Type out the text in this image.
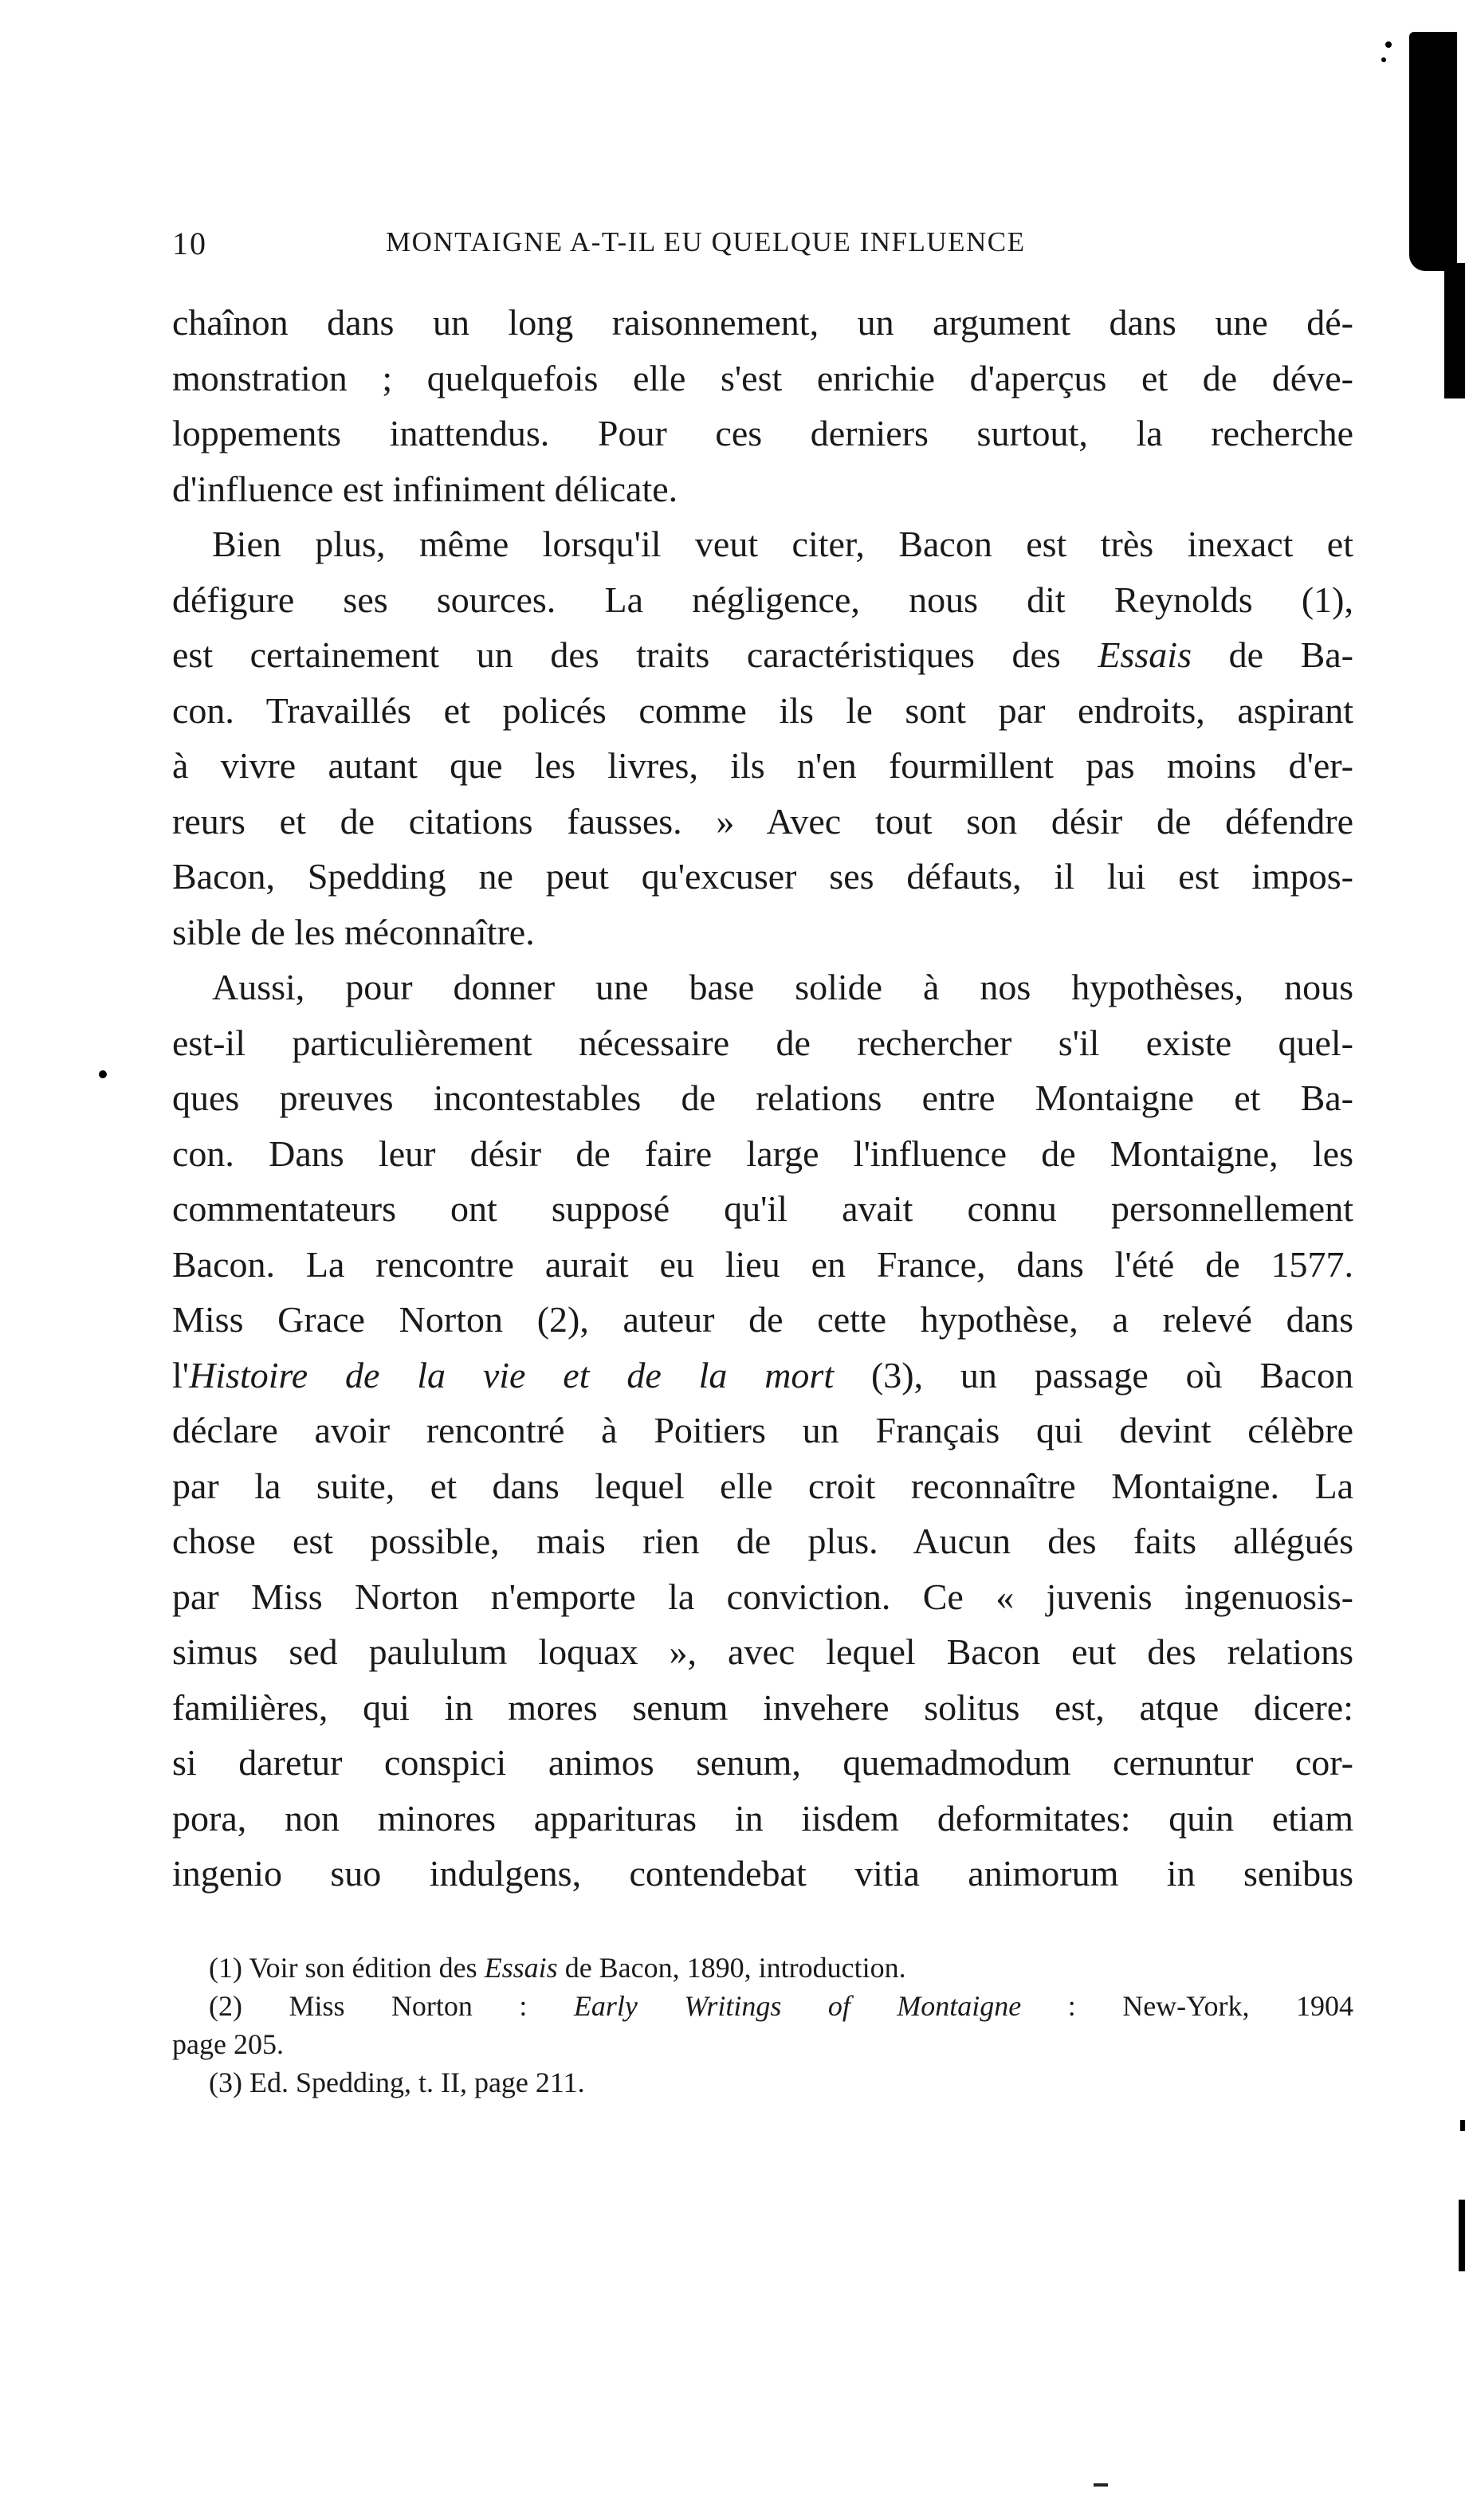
10	MONTAIGNE A-T-IL EU QUELQUE INFLUENCE
chaînon dans un long raisonnement, un argument dans une dé-
monstration ; quelquefois elle s'est enrichie d'aperçus et de déve-
loppements inattendus. Pour ces derniers surtout, la recherche
d'influence est infiniment délicate.
Bien plus, même lorsqu'il veut citer, Bacon est très inexact et
défigure ses sources. La négligence, nous dit Reynolds (1),
est certainement un des traits caractéristiques des Essais de Ba-
con. Travaillés et policés comme ils le sont par endroits, aspirant
à vivre autant que les livres, ils n'en fourmillent pas moins d'er-
reurs et de citations fausses. » Avec tout son désir de défendre
Bacon, Spedding ne peut qu'excuser ses défauts, il lui est impos-
sible de les méconnaître.
Aussi, pour donner une base solide à nos hypothèses, nous
est-il particulièrement nécessaire de rechercher s'il existe quel-
ques preuves incontestables de relations entre Montaigne et Ba-
con. Dans leur désir de faire large l'influence de Montaigne, les
commentateurs ont supposé qu'il avait connu personnellement
Bacon. La rencontre aurait eu lieu en France, dans l'été de 1577.
Miss Grace Norton (2), auteur de cette hypothèse, a relevé dans
l'Histoire de la vie et de la mort (3), un passage où Bacon
déclare avoir rencontré à Poitiers un Français qui devint célèbre
par la suite, et dans lequel elle croit reconnaître Montaigne. La
chose est possible, mais rien de plus. Aucun des faits allégués
par Miss Norton n'emporte la conviction. Ce « juvenis ingenuosis-
simus sed paululum loquax », avec lequel Bacon eut des relations
familières, qui in mores senum invehere solitus est, atque dicere:
si daretur conspici animos senum, quemadmodum cernuntur cor-
pora, non minores apparituras in iisdem deformitates: quin etiam
ingenio suo indulgens, contendebat vitia animorum in senibus
(1) Voir son édition des Essais de Bacon, 1890, introduction.
(2) Miss Norton : Early Writings of Montaigne : New-York, 1904
page 205.
(3) Ed. Spedding, t. II, page 211.
